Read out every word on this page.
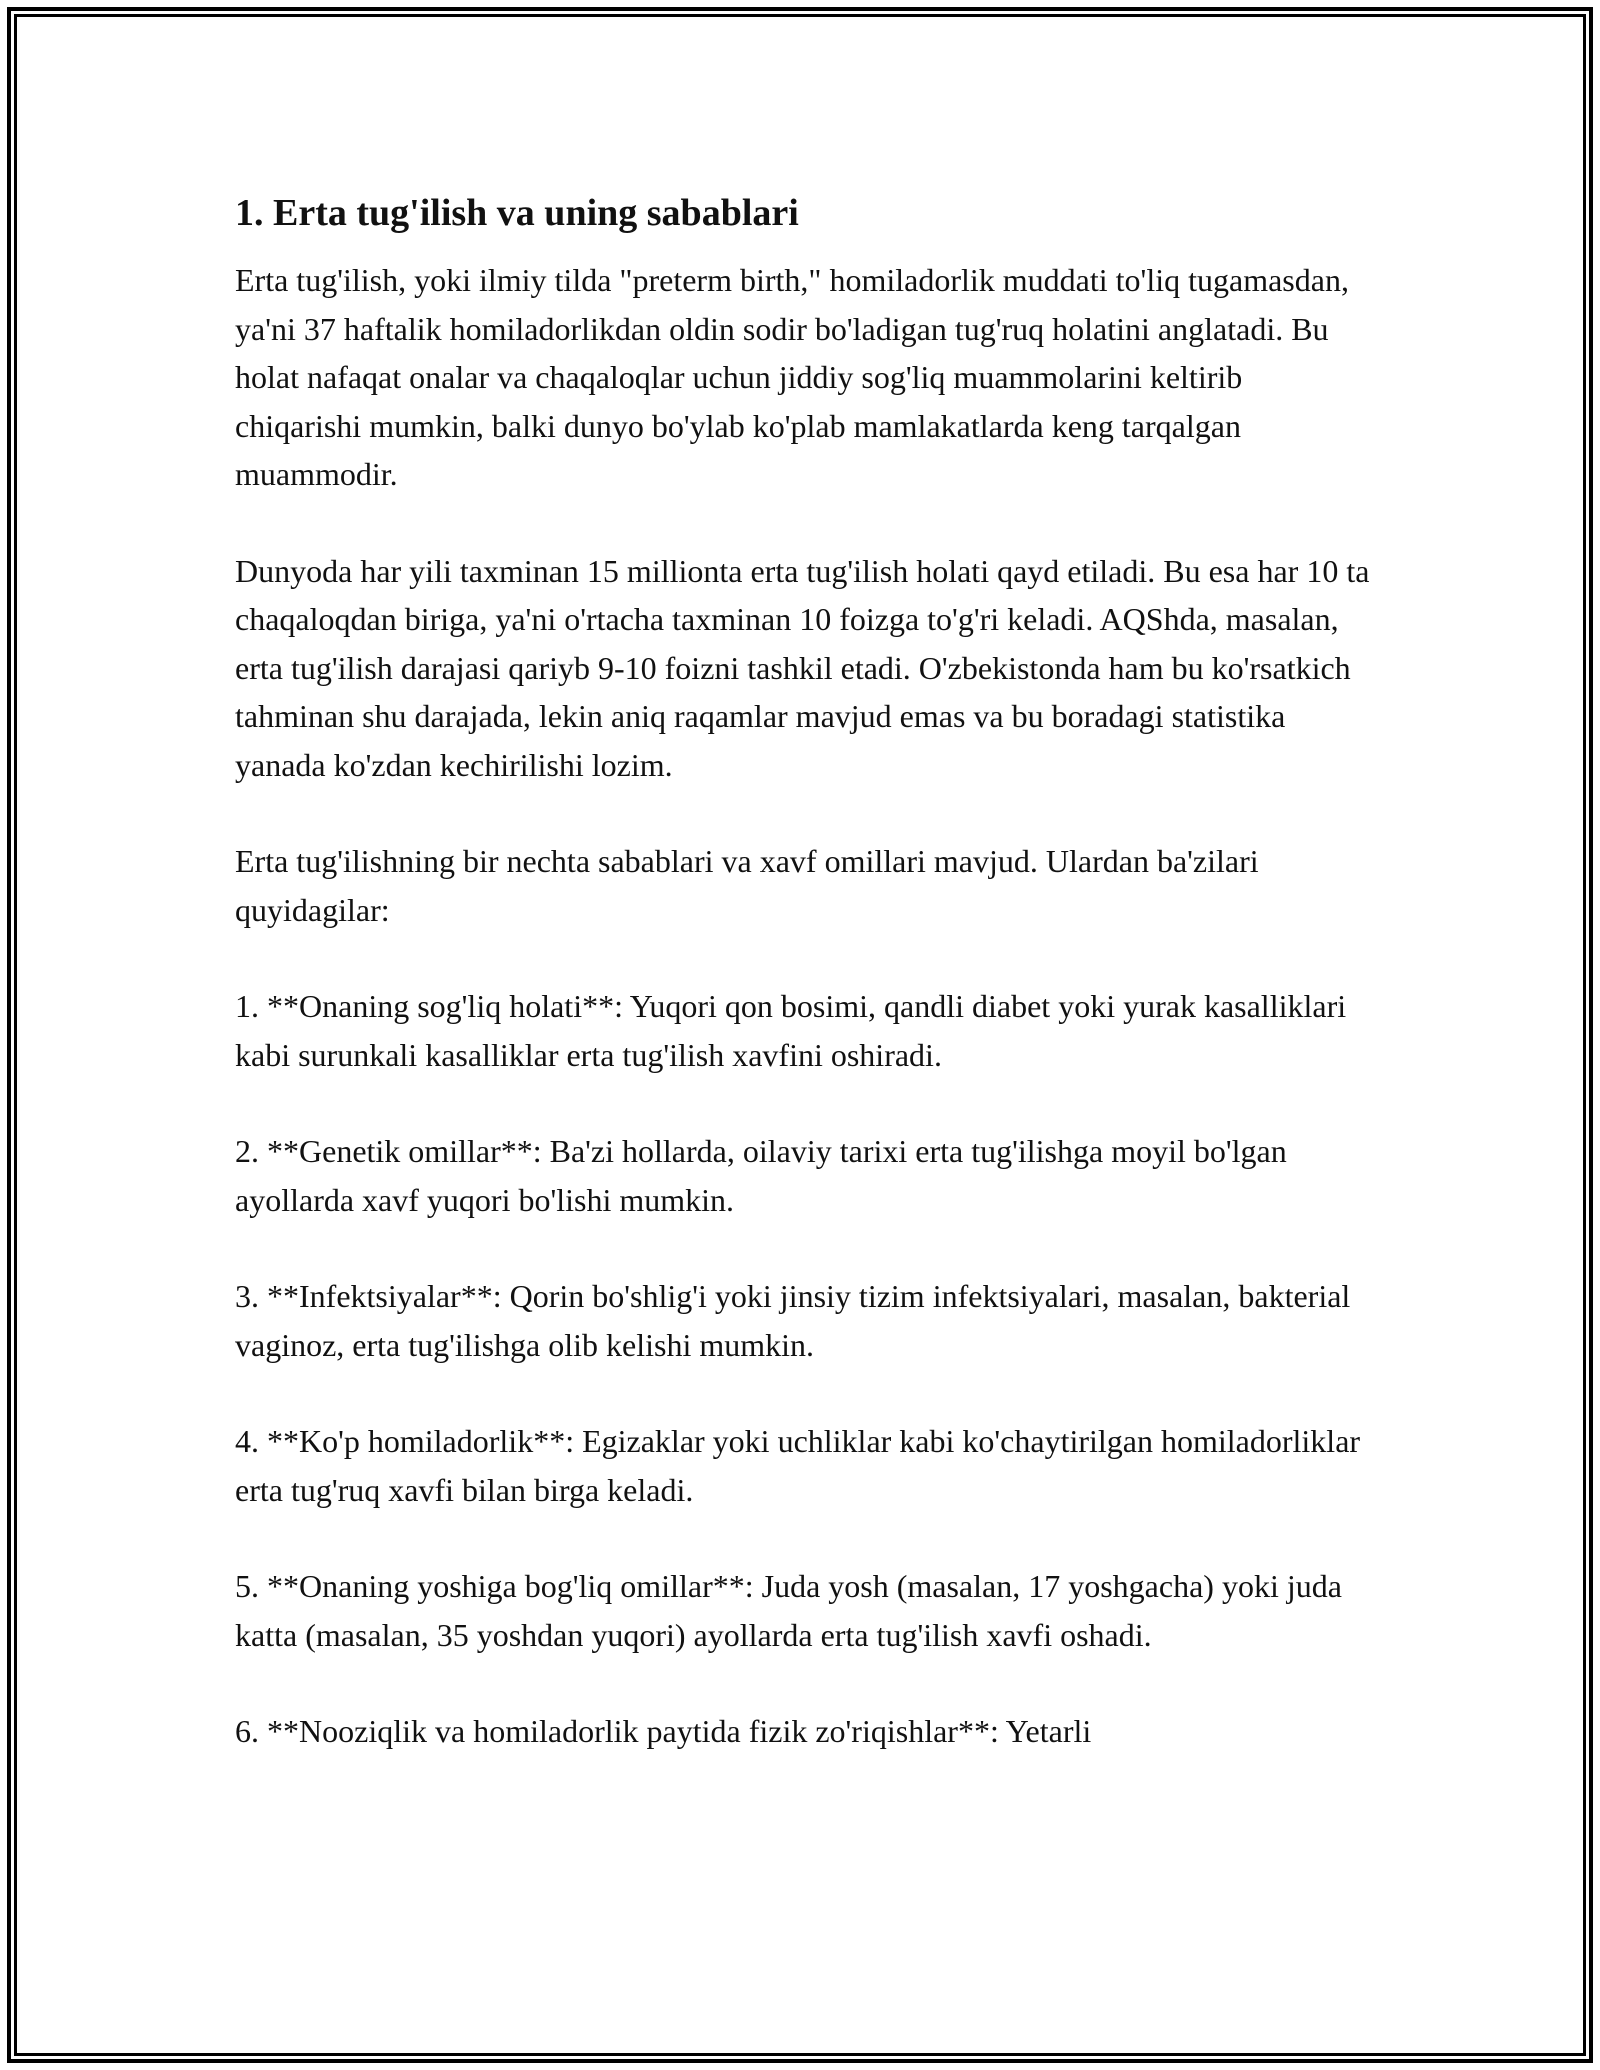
1. Erta tug'ilish va uning sabablari

Erta tug'ilish, yoki ilmiy tilda "preterm birth," homiladorlik muddati to'liq tugamasdan, ya'ni 37 haftalik homiladorlikdan oldin sodir bo'ladigan tug'ruq holatini anglatadi. Bu holat nafaqat onalar va chaqaloqlar uchun jiddiy sog'liq muammolarini keltirib chiqarishi mumkin, balki dunyo bo'ylab ko'plab mamlakatlarda keng tarqalgan muammodir.

Dunyoda har yili taxminan 15 millionta erta tug'ilish holati qayd etiladi. Bu esa har 10 ta chaqaloqdan biriga, ya'ni o'rtacha taxminan 10 foizga to'g'ri keladi. AQShda, masalan, erta tug'ilish darajasi qariyb 9-10 foizni tashkil etadi. O'zbekistonda ham bu ko'rsatkich tahminan shu darajada, lekin aniq raqamlar mavjud emas va bu boradagi statistika yanada ko'zdan kechirilishi lozim.

Erta tug'ilishning bir nechta sabablari va xavf omillari mavjud. Ulardan ba'zilari quyidagilar:

1. **Onaning sog'liq holati**: Yuqori qon bosimi, qandli diabet yoki yurak kasalliklari kabi surunkali kasalliklar erta tug'ilish xavfini oshiradi.

2. **Genetik omillar**: Ba'zi hollarda, oilaviy tarixi erta tug'ilishga moyil bo'lgan ayollarda xavf yuqori bo'lishi mumkin.

3. **Infektsiyalar**: Qorin bo'shlig'i yoki jinsiy tizim infektsiyalari, masalan, bakterial vaginoz, erta tug'ilishga olib kelishi mumkin.

4. **Ko'p homiladorlik**: Egizaklar yoki uchliklar kabi ko'chaytirilgan homiladorliklar erta tug'ruq xavfi bilan birga keladi.

5. **Onaning yoshiga bog'liq omillar**: Juda yosh (masalan, 17 yoshgacha) yoki juda katta (masalan, 35 yoshdan yuqori) ayollarda erta tug'ilish xavfi oshadi.

6. **Nooziqlik va homiladorlik paytida fizik zo'riqishlar**: Yetarli
